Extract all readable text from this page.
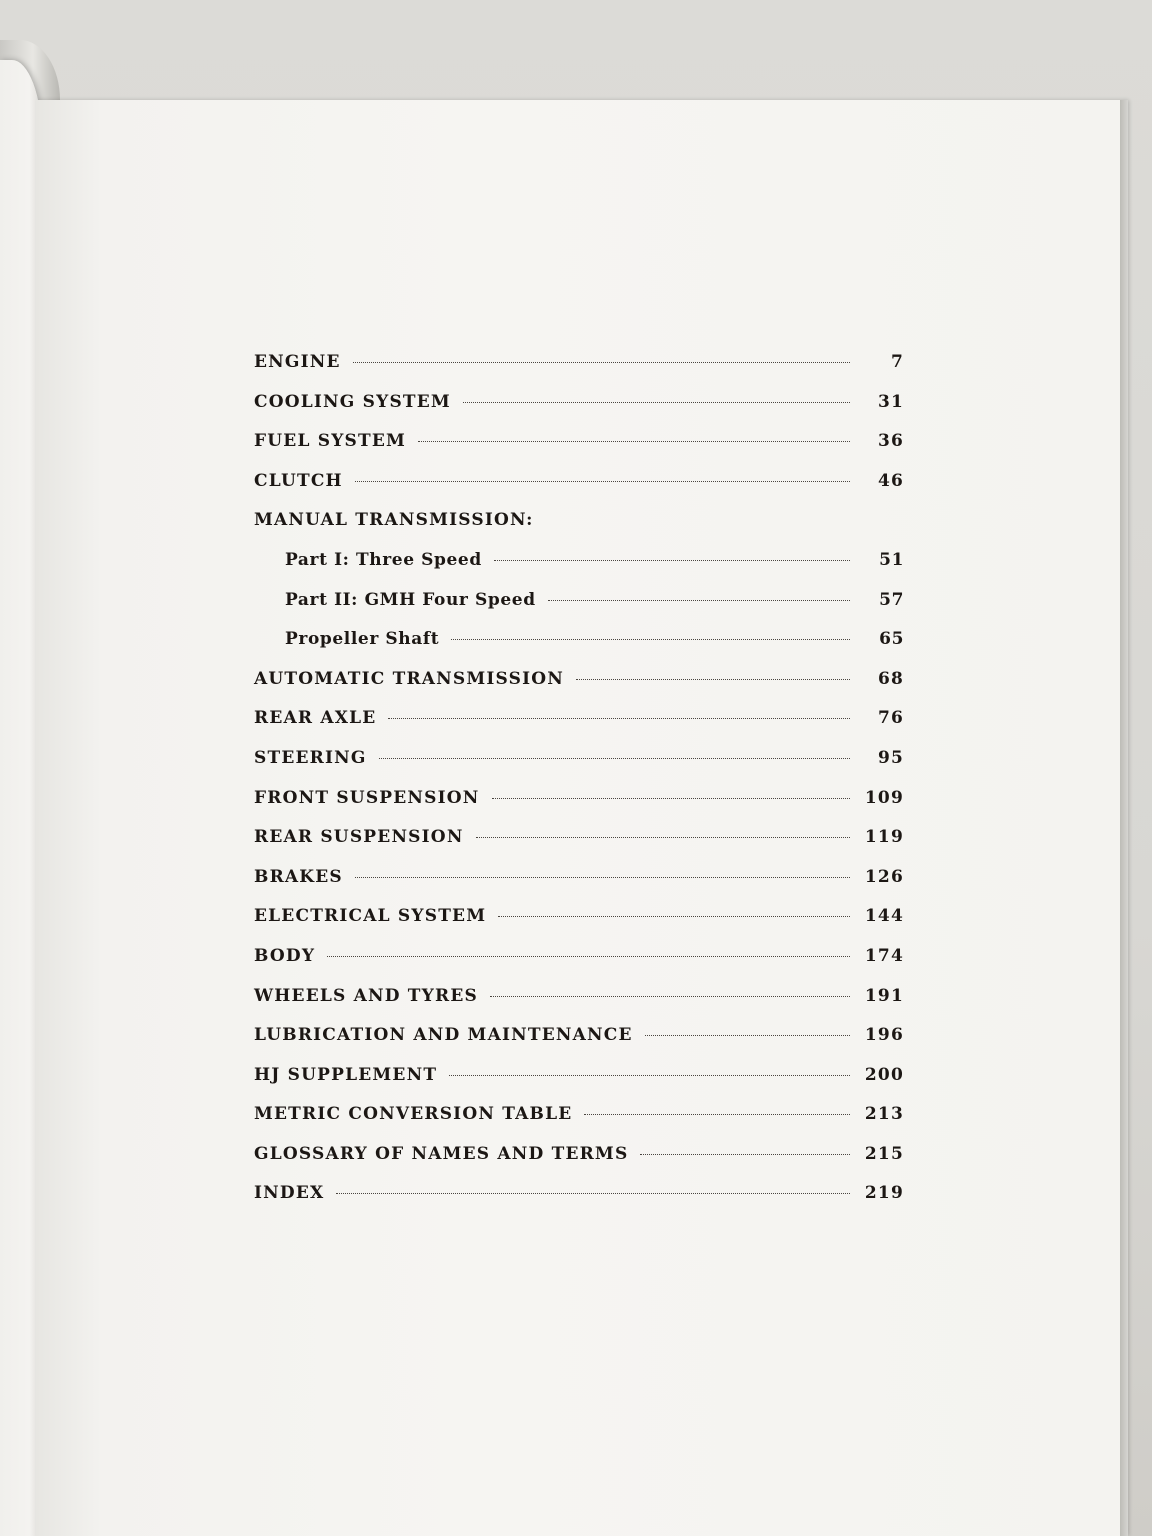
ENGINE	7
COOLING SYSTEM	31
FUEL SYSTEM	36
CLUTCH	46
MANUAL TRANSMISSION:
Part I: Three Speed	51
Part II: GMH Four Speed	57
Propeller Shaft	65
AUTOMATIC TRANSMISSION	68
REAR AXLE	76
STEERING	95
FRONT SUSPENSION	109
REAR SUSPENSION	119
BRAKES	126
ELECTRICAL SYSTEM	144
BODY	174
WHEELS AND TYRES	191
LUBRICATION AND MAINTENANCE	196
HJ SUPPLEMENT	200
METRIC CONVERSION TABLE	213
GLOSSARY OF NAMES AND TERMS	215
INDEX	219
